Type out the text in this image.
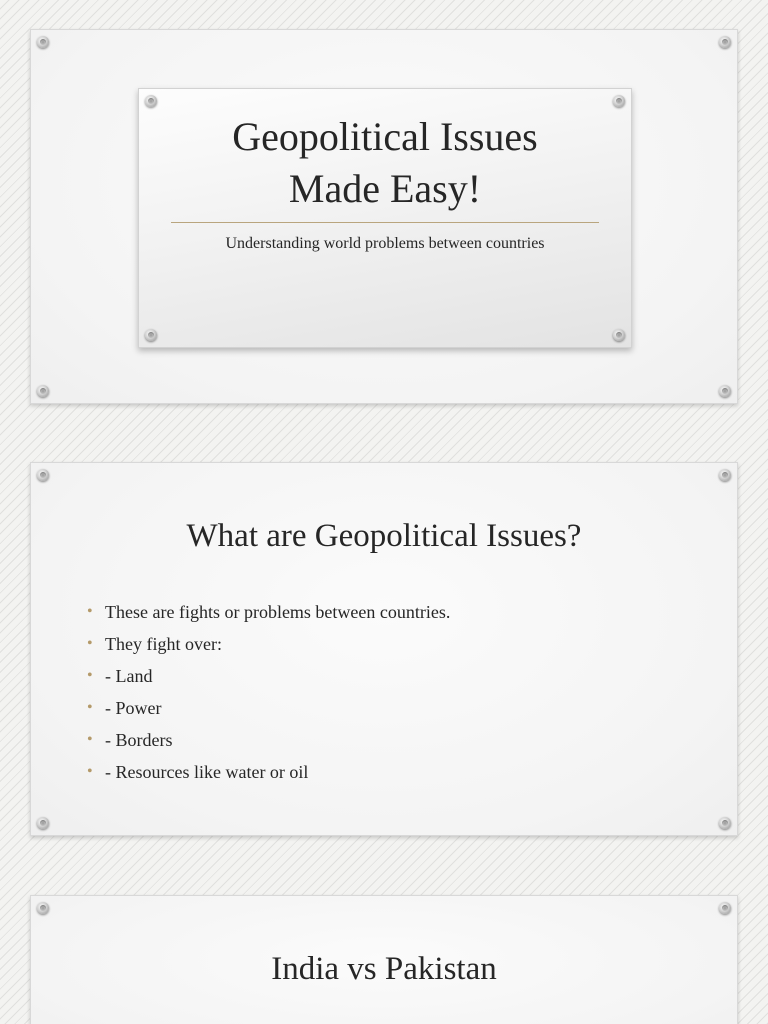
Geopolitical Issues
Made Easy!
Understanding world problems between countries
What are Geopolitical Issues?
• These are fights or problems between countries.
• They fight over:
• - Land
• - Power
• - Borders
• - Resources like water or oil
India vs Pakistan
